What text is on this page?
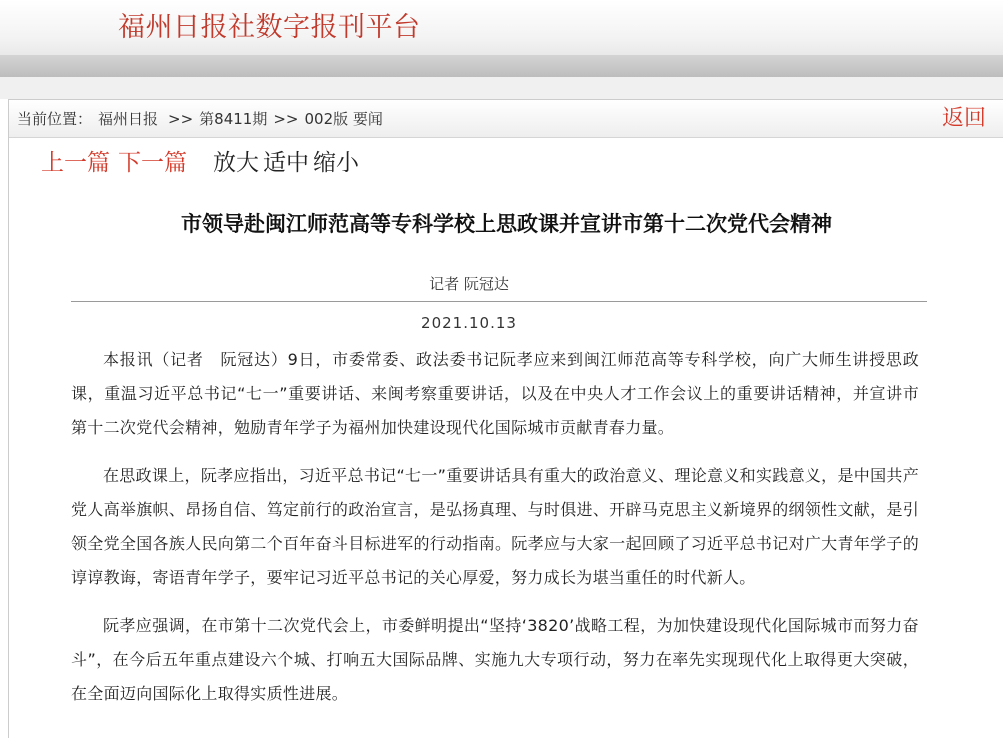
福州日报社数字报刊平台
当前位置： 福州日报 >> 第8411期 >> 002版 要闻	返回
上一篇 下一篇 放大 适中 缩小
市领导赴闽江师范高等专科学校上思政课并宣讲市第十二次党代会精神
记者 阮冠达
2021.10.13

本报讯（记者　阮冠达）9日，市委常委、政法委书记阮孝应来到闽江师范高等专科学校，向广大师生讲授思政课，重温习近平总书记“七一”重要讲话、来闽考察重要讲话，以及在中央人才工作会议上的重要讲话精神，并宣讲市第十二次党代会精神，勉励青年学子为福州加快建设现代化国际城市贡献青春力量。

在思政课上，阮孝应指出，习近平总书记“七一”重要讲话具有重大的政治意义、理论意义和实践意义，是中国共产党人高举旗帜、昂扬自信、笃定前行的政治宣言，是弘扬真理、与时俱进、开辟马克思主义新境界的纲领性文献，是引领全党全国各族人民向第二个百年奋斗目标进军的行动指南。阮孝应与大家一起回顾了习近平总书记对广大青年学子的谆谆教诲，寄语青年学子，要牢记习近平总书记的关心厚爱，努力成长为堪当重任的时代新人。

阮孝应强调，在市第十二次党代会上，市委鲜明提出“坚持‘3820’战略工程，为加快建设现代化国际城市而努力奋斗”，在今后五年重点建设六个城、打响五大国际品牌、实施九大专项行动，努力在率先实现现代化上取得更大突破，在全面迈向国际化上取得实质性进展。
